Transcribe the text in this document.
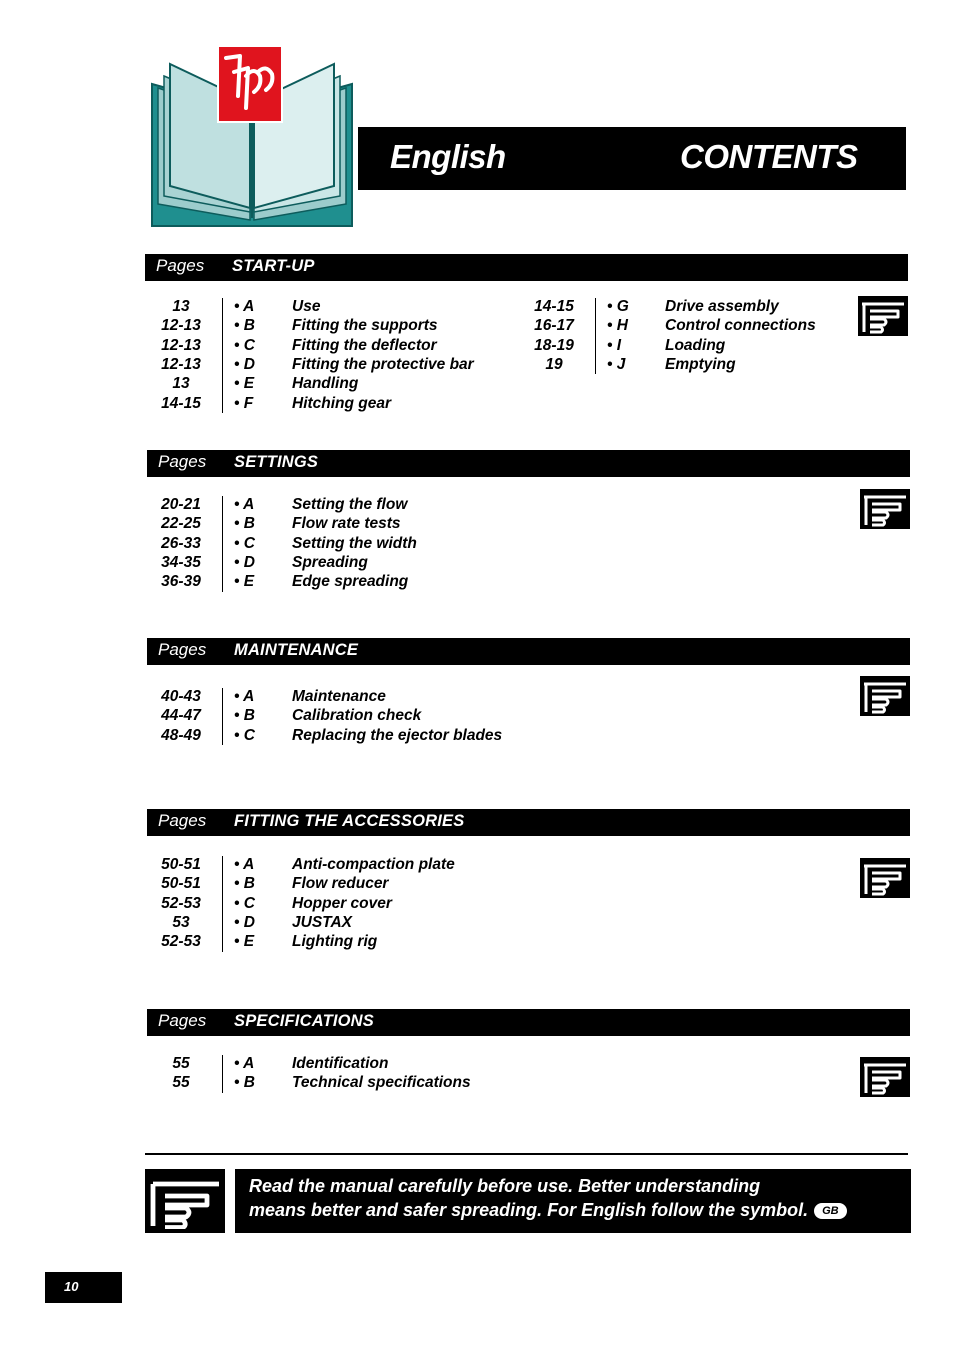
English	CONTENTS
Pages START-UP
13	• A Use
12-13	• B Fitting the supports
12-13	• C Fitting the deflector
12-13	• D Fitting the protective bar
13	• E Handling
14-15	• F	Hitching gear
14-15	• G Drive assembly
16-17	• H Control connections
18-19	• I	Loading
19	• J	Emptying
Pages SETTINGS
20-21	• A Setting the flow
22-25	• B Flow rate tests
26-33	• C Setting the width
34-35	• D Spreading
36-39	• E Edge spreading
Pages MAINTENANCE
40-43	• A Maintenance
44-47	• B Calibration check
48-49	• C Replacing the ejector blades
Pages FITTING THE ACCESSORIES
50-51	• A Anti-compaction plate
50-51	• B Flow reducer
52-53	• C Hopper cover
53	• D JUSTAX
52-53	• E Lighting rig
Pages SPECIFICATIONS
55	• A Identification
55	• B Technical specifications
Read the manual carefully before use. Better understanding
means better and safer spreading. For English follow the symbol. GB
10
